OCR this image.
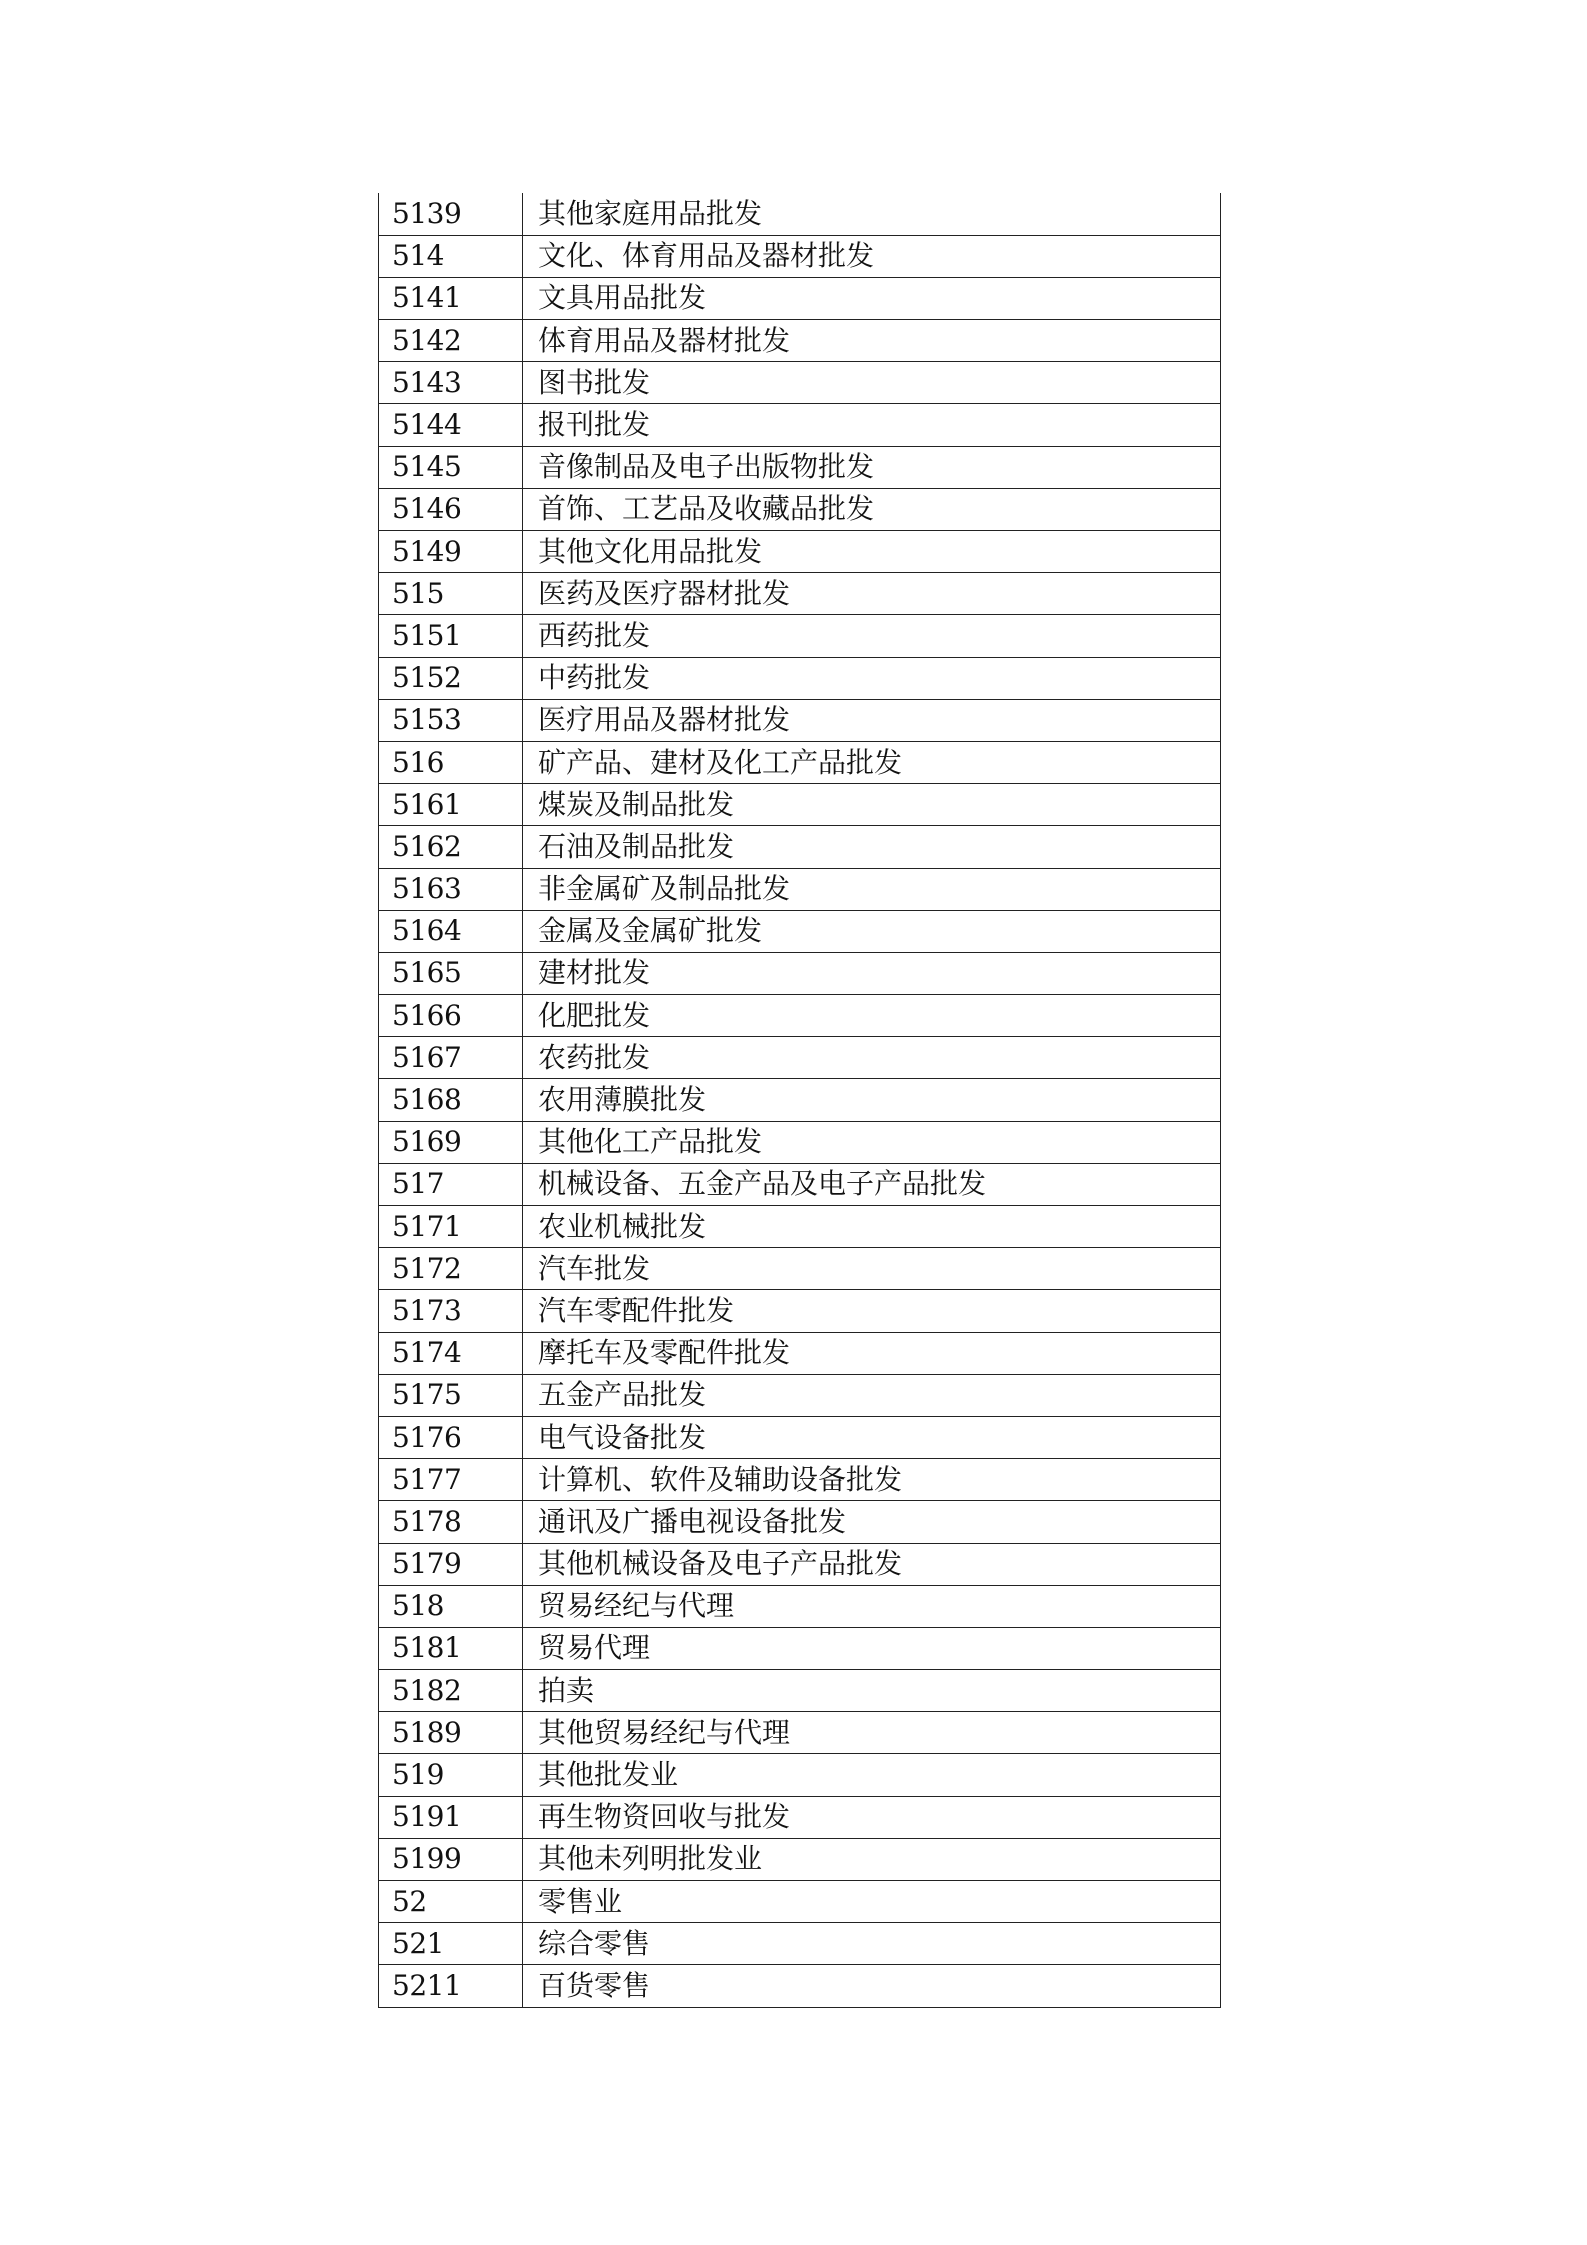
5139	其他家庭用品批发
514	文化、体育用品及器材批发
5141	文具用品批发
5142	体育用品及器材批发
5143	图书批发
5144	报刊批发
5145	音像制品及电子出版物批发
5146	首饰、工艺品及收藏品批发
5149	其他文化用品批发
515	医药及医疗器材批发
5151	西药批发
5152	中药批发
5153	医疗用品及器材批发
516	矿产品、建材及化工产品批发
5161	煤炭及制品批发
5162	石油及制品批发
5163	非金属矿及制品批发
5164	金属及金属矿批发
5165	建材批发
5166	化肥批发
5167	农药批发
5168	农用薄膜批发
5169	其他化工产品批发
517	机械设备、五金产品及电子产品批发
5171	农业机械批发
5172	汽车批发
5173	汽车零配件批发
5174	摩托车及零配件批发
5175	五金产品批发
5176	电气设备批发
5177	计算机、软件及辅助设备批发
5178	通讯及广播电视设备批发
5179	其他机械设备及电子产品批发
518	贸易经纪与代理
5181	贸易代理
5182	拍卖
5189	其他贸易经纪与代理
519	其他批发业
5191	再生物资回收与批发
5199	其他未列明批发业
52	零售业
521	综合零售
5211	百货零售
